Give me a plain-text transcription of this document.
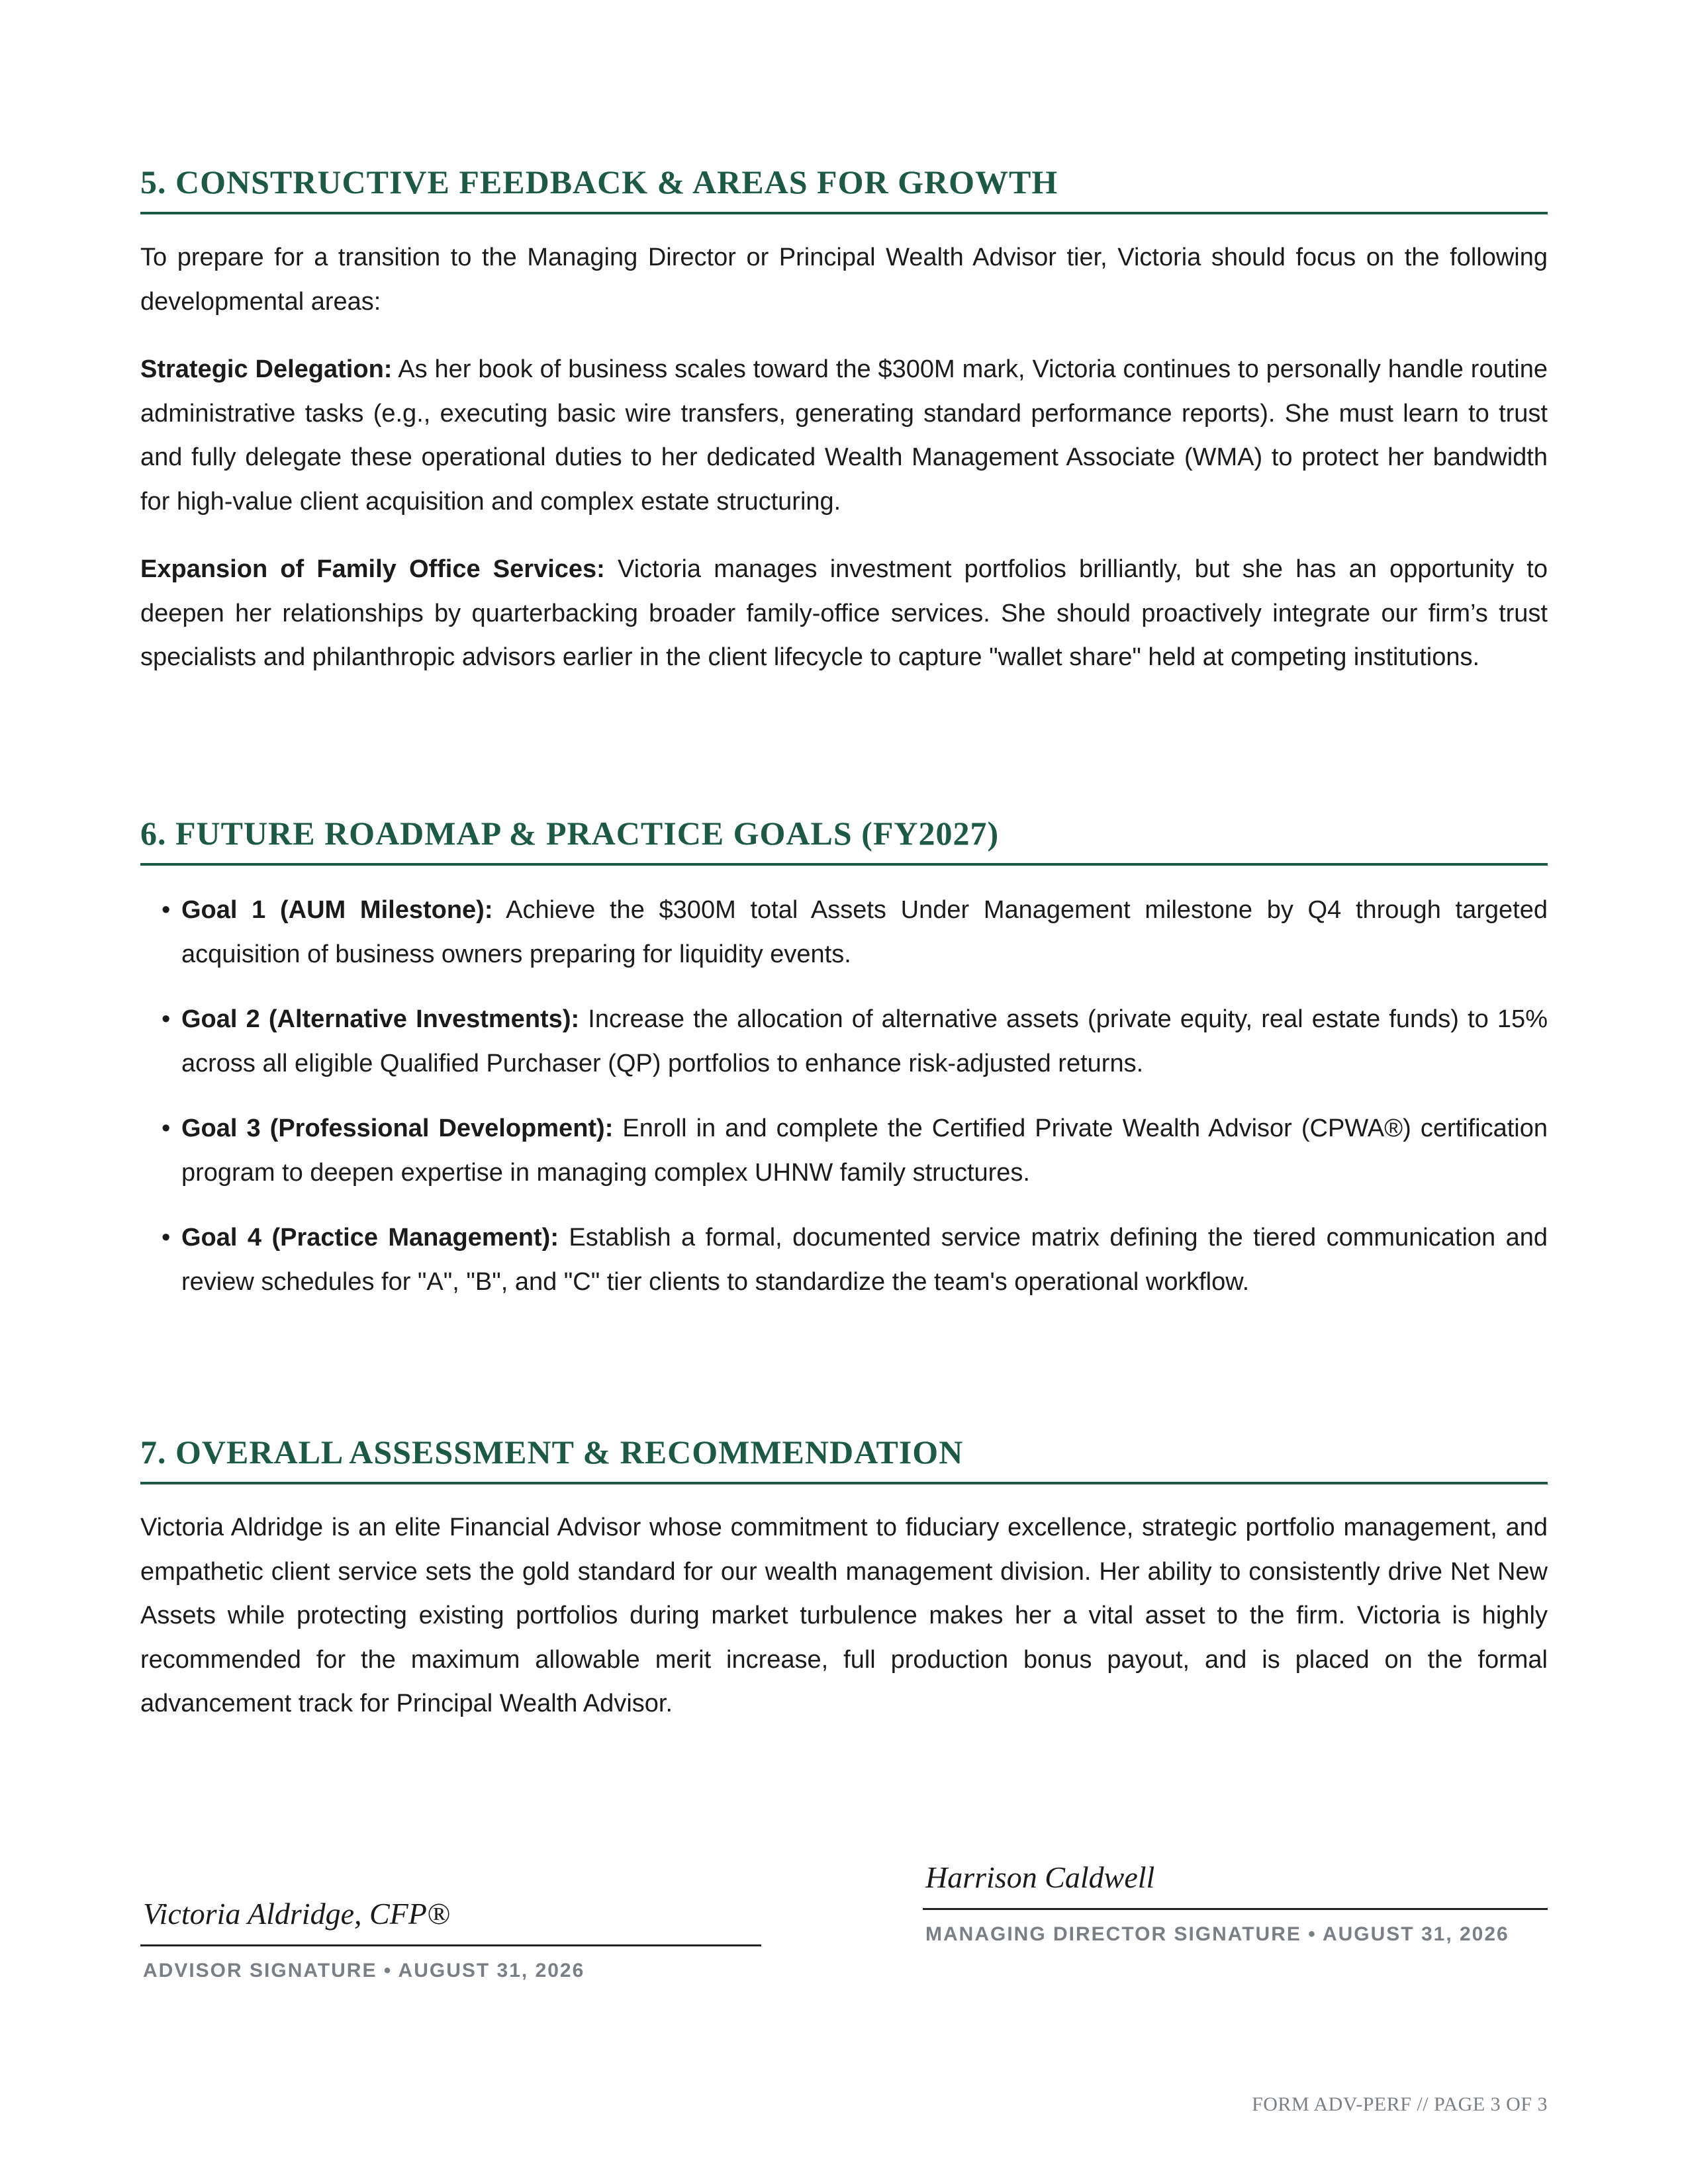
5. CONSTRUCTIVE FEEDBACK & AREAS FOR GROWTH

To prepare for a transition to the Managing Director or Principal Wealth Advisor tier, Victoria should focus on the following developmental areas:

Strategic Delegation: As her book of business scales toward the $300M mark, Victoria continues to personally handle routine administrative tasks (e.g., executing basic wire transfers, generating standard performance reports). She must learn to trust and fully delegate these operational duties to her dedicated Wealth Management Associate (WMA) to protect her bandwidth for high-value client acquisition and complex estate structuring.

Expansion of Family Office Services: Victoria manages investment portfolios brilliantly, but she has an opportunity to deepen her relationships by quarterbacking broader family-office services. She should proactively integrate our firm’s trust specialists and philanthropic advisors earlier in the client lifecycle to capture "wallet share" held at competing institutions.

6. FUTURE ROADMAP & PRACTICE GOALS (FY2027)
• Goal 1 (AUM Milestone): Achieve the $300M total Assets Under Management milestone by Q4 through targeted acquisition of business owners preparing for liquidity events.
• Goal 2 (Alternative Investments): Increase the allocation of alternative assets (private equity, real estate funds) to 15% across all eligible Qualified Purchaser (QP) portfolios to enhance risk-adjusted returns.
• Goal 3 (Professional Development): Enroll in and complete the Certified Private Wealth Advisor (CPWA®) certification program to deepen expertise in managing complex UHNW family structures.
• Goal 4 (Practice Management): Establish a formal, documented service matrix defining the tiered communication and review schedules for "A", "B", and "C" tier clients to standardize the team's operational workflow.
7. OVERALL ASSESSMENT & RECOMMENDATION

Victoria Aldridge is an elite Financial Advisor whose commitment to fiduciary excellence, strategic portfolio management, and empathetic client service sets the gold standard for our wealth management division. Her ability to consistently drive Net New Assets while protecting existing portfolios during market turbulence makes her a vital asset to the firm. Victoria is highly recommended for the maximum allowable merit increase, full production bonus payout, and is placed on the formal advancement track for Principal Wealth Advisor.

Victoria Aldridge, CFP®
ADVISOR SIGNATURE • AUGUST 31, 2026
Harrison Caldwell
MANAGING DIRECTOR SIGNATURE • AUGUST 31, 2026
FORM ADV-PERF // PAGE 3 OF 3
